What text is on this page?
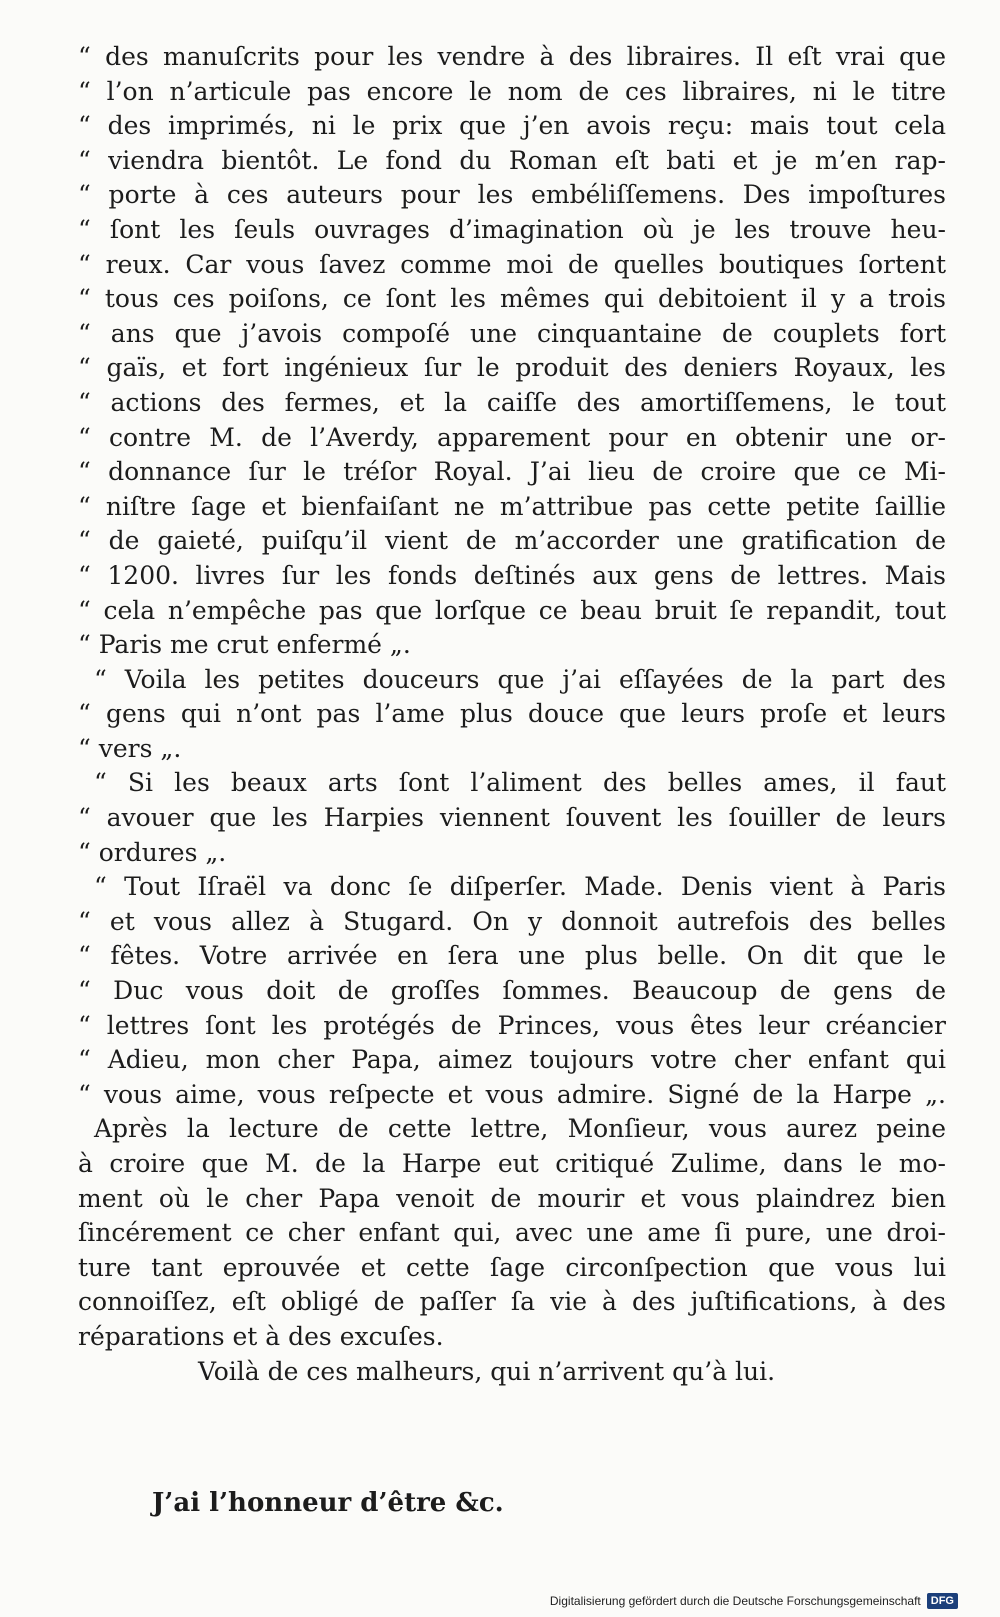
“ des manuſcrits pour les vendre à des libraires. Il eſt vrai que
“ l’on n’articule pas encore le nom de ces libraires, ni le titre
“ des imprimés, ni le prix que j’en avois reçu: mais tout cela
“ viendra bientôt. Le fond du Roman eſt bati et je m’en rap-
“ porte à ces auteurs pour les embéliſſemens. Des impoſtures
“ ſont les ſeuls ouvrages d’imagination où je les trouve heu-
“ reux. Car vous ſavez comme moi de quelles boutiques ſortent
“ tous ces poiſons, ce ſont les mêmes qui debitoient il y a trois
“ ans que j’avois compoſé une cinquantaine de couplets fort
“ gaïs, et fort ingénieux ſur le produit des deniers Royaux, les
“ actions des fermes, et la caiſſe des amortiſſemens, le tout
“ contre M. de l’Averdy, apparement pour en obtenir une or-
“ donnance ſur le tréſor Royal. J’ai lieu de croire que ce Mi-
“ niſtre ſage et bienfaiſant ne m’attribue pas cette petite ſaillie
“ de gaieté, puiſqu’il vient de m’accorder une gratification de
“ 1200. livres ſur les fonds deſtinés aux gens de lettres. Mais
“ cela n’empêche pas que lorſque ce beau bruit ſe repandit, tout
“ Paris me crut enfermé „.
“ Voila les petites douceurs que j’ai eſſayées de la part des
“ gens qui n’ont pas l’ame plus douce que leurs proſe et leurs
“ vers „.
“ Si les beaux arts ſont l’aliment des belles ames, il faut
“ avouer que les Harpies viennent ſouvent les ſouiller de leurs
“ ordures „.
“ Tout Iſraël va donc ſe diſperſer. Made. Denis vient à Paris
“ et vous allez à Stugard. On y donnoit autrefois des belles
“ fêtes. Votre arrivée en ſera une plus belle. On dit que le
“ Duc vous doit de groſſes ſommes. Beaucoup de gens de
“ lettres ſont les protégés de Princes, vous êtes leur créancier
“ Adieu, mon cher Papa, aimez toujours votre cher enfant qui
“ vous aime, vous reſpecte et vous admire. Signé de la Harpe „.
Après la lecture de cette lettre, Monſieur, vous aurez peine
à croire que M. de la Harpe eut critiqué Zulime, dans le mo-
ment où le cher Papa venoit de mourir et vous plaindrez bien
ſincérement ce cher enfant qui, avec une ame ſi pure, une droi-
ture tant eprouvée et cette ſage circonſpection que vous lui
connoiſſez, eſt obligé de paſſer ſa vie à des juſtifications, à des
réparations et à des excuſes.
Voilà de ces malheurs, qui n’arrivent qu’à lui.
J’ai l’honneur d’être &c.
Digitalisierung gefördert durch die Deutsche Forschungsgemeinschaft DFG
